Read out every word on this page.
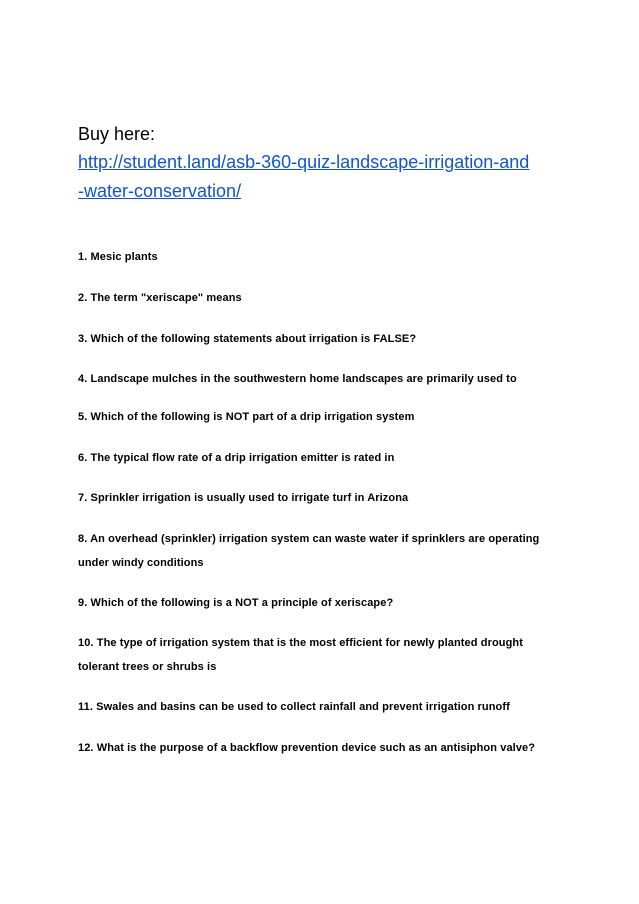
Buy here:
http://student.land/asb-360-quiz-landscape-irrigation-and
-water-conservation/
1. Mesic plants
2. The term "xeriscape" means
3. Which of the following statements about irrigation is FALSE?
4. Landscape mulches in the southwestern home landscapes are primarily used to
5. Which of the following is NOT part of a drip irrigation system
6. The typical flow rate of a drip irrigation emitter is rated in
7. Sprinkler irrigation is usually used to irrigate turf in Arizona
8. An overhead (sprinkler) irrigation system can waste water if sprinklers are operating
under windy conditions
9. Which of the following is a NOT a principle of xeriscape?
10. The type of irrigation system that is the most efficient for newly planted drought
tolerant trees or shrubs is
11. Swales and basins can be used to collect rainfall and prevent irrigation runoff
12. What is the purpose of a backflow prevention device such as an antisiphon valve?
